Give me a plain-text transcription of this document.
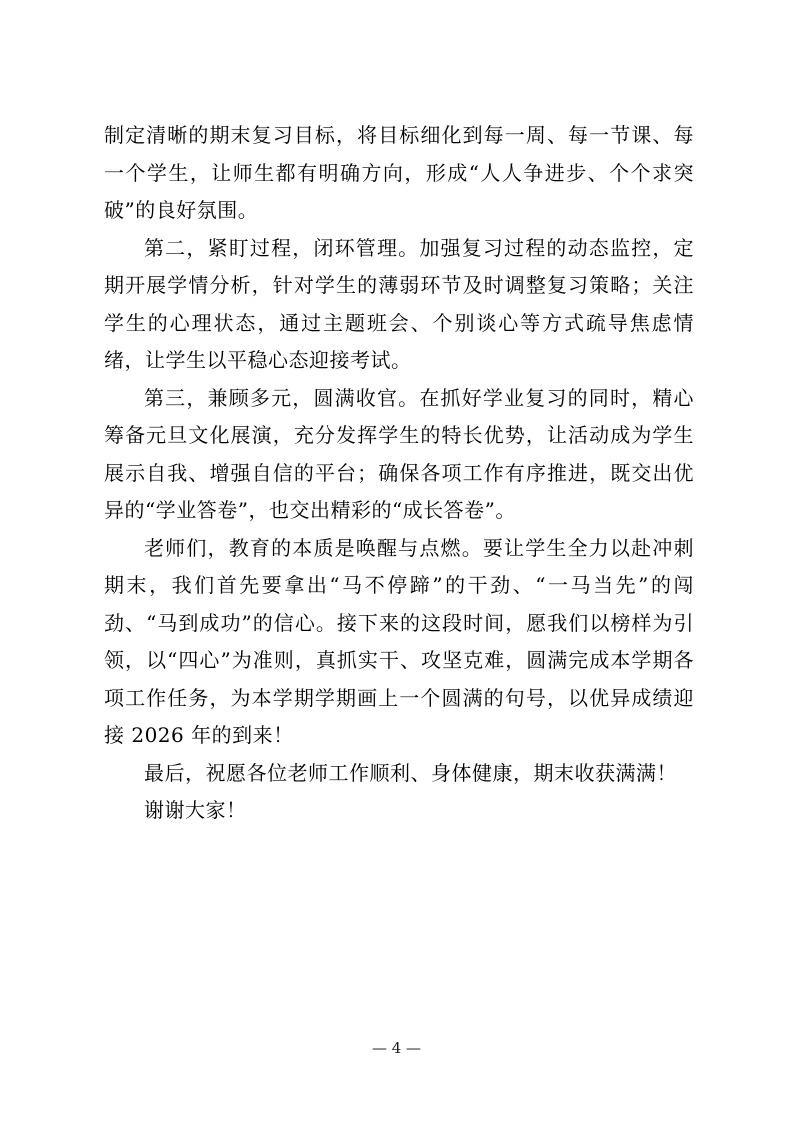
制定清晰的期末复习目标，将目标细化到每一周、每一节课、每一个学生，让师生都有明确方向，形成“人人争进步、个个求突破”的良好氛围。

第二，紧盯过程，闭环管理。加强复习过程的动态监控，定期开展学情分析，针对学生的薄弱环节及时调整复习策略；关注学生的心理状态，通过主题班会、个别谈心等方式疏导焦虑情绪，让学生以平稳心态迎接考试。

第三，兼顾多元，圆满收官。在抓好学业复习的同时，精心筹备元旦文化展演，充分发挥学生的特长优势，让活动成为学生展示自我、增强自信的平台；确保各项工作有序推进，既交出优异的“学业答卷”，也交出精彩的“成长答卷”。

老师们，教育的本质是唤醒与点燃。要让学生全力以赴冲刺期末，我们首先要拿出“马不停蹄”的干劲、“一马当先”的闯劲、“马到成功”的信心。接下来的这段时间，愿我们以榜样为引领，以“四心”为准则，真抓实干、攻坚克难，圆满完成本学期各项工作任务，为本学期学期画上一个圆满的句号，以优异成绩迎接 2026 年的到来！

最后，祝愿各位老师工作顺利、身体健康，期末收获满满！

谢谢大家！

— 4 —
